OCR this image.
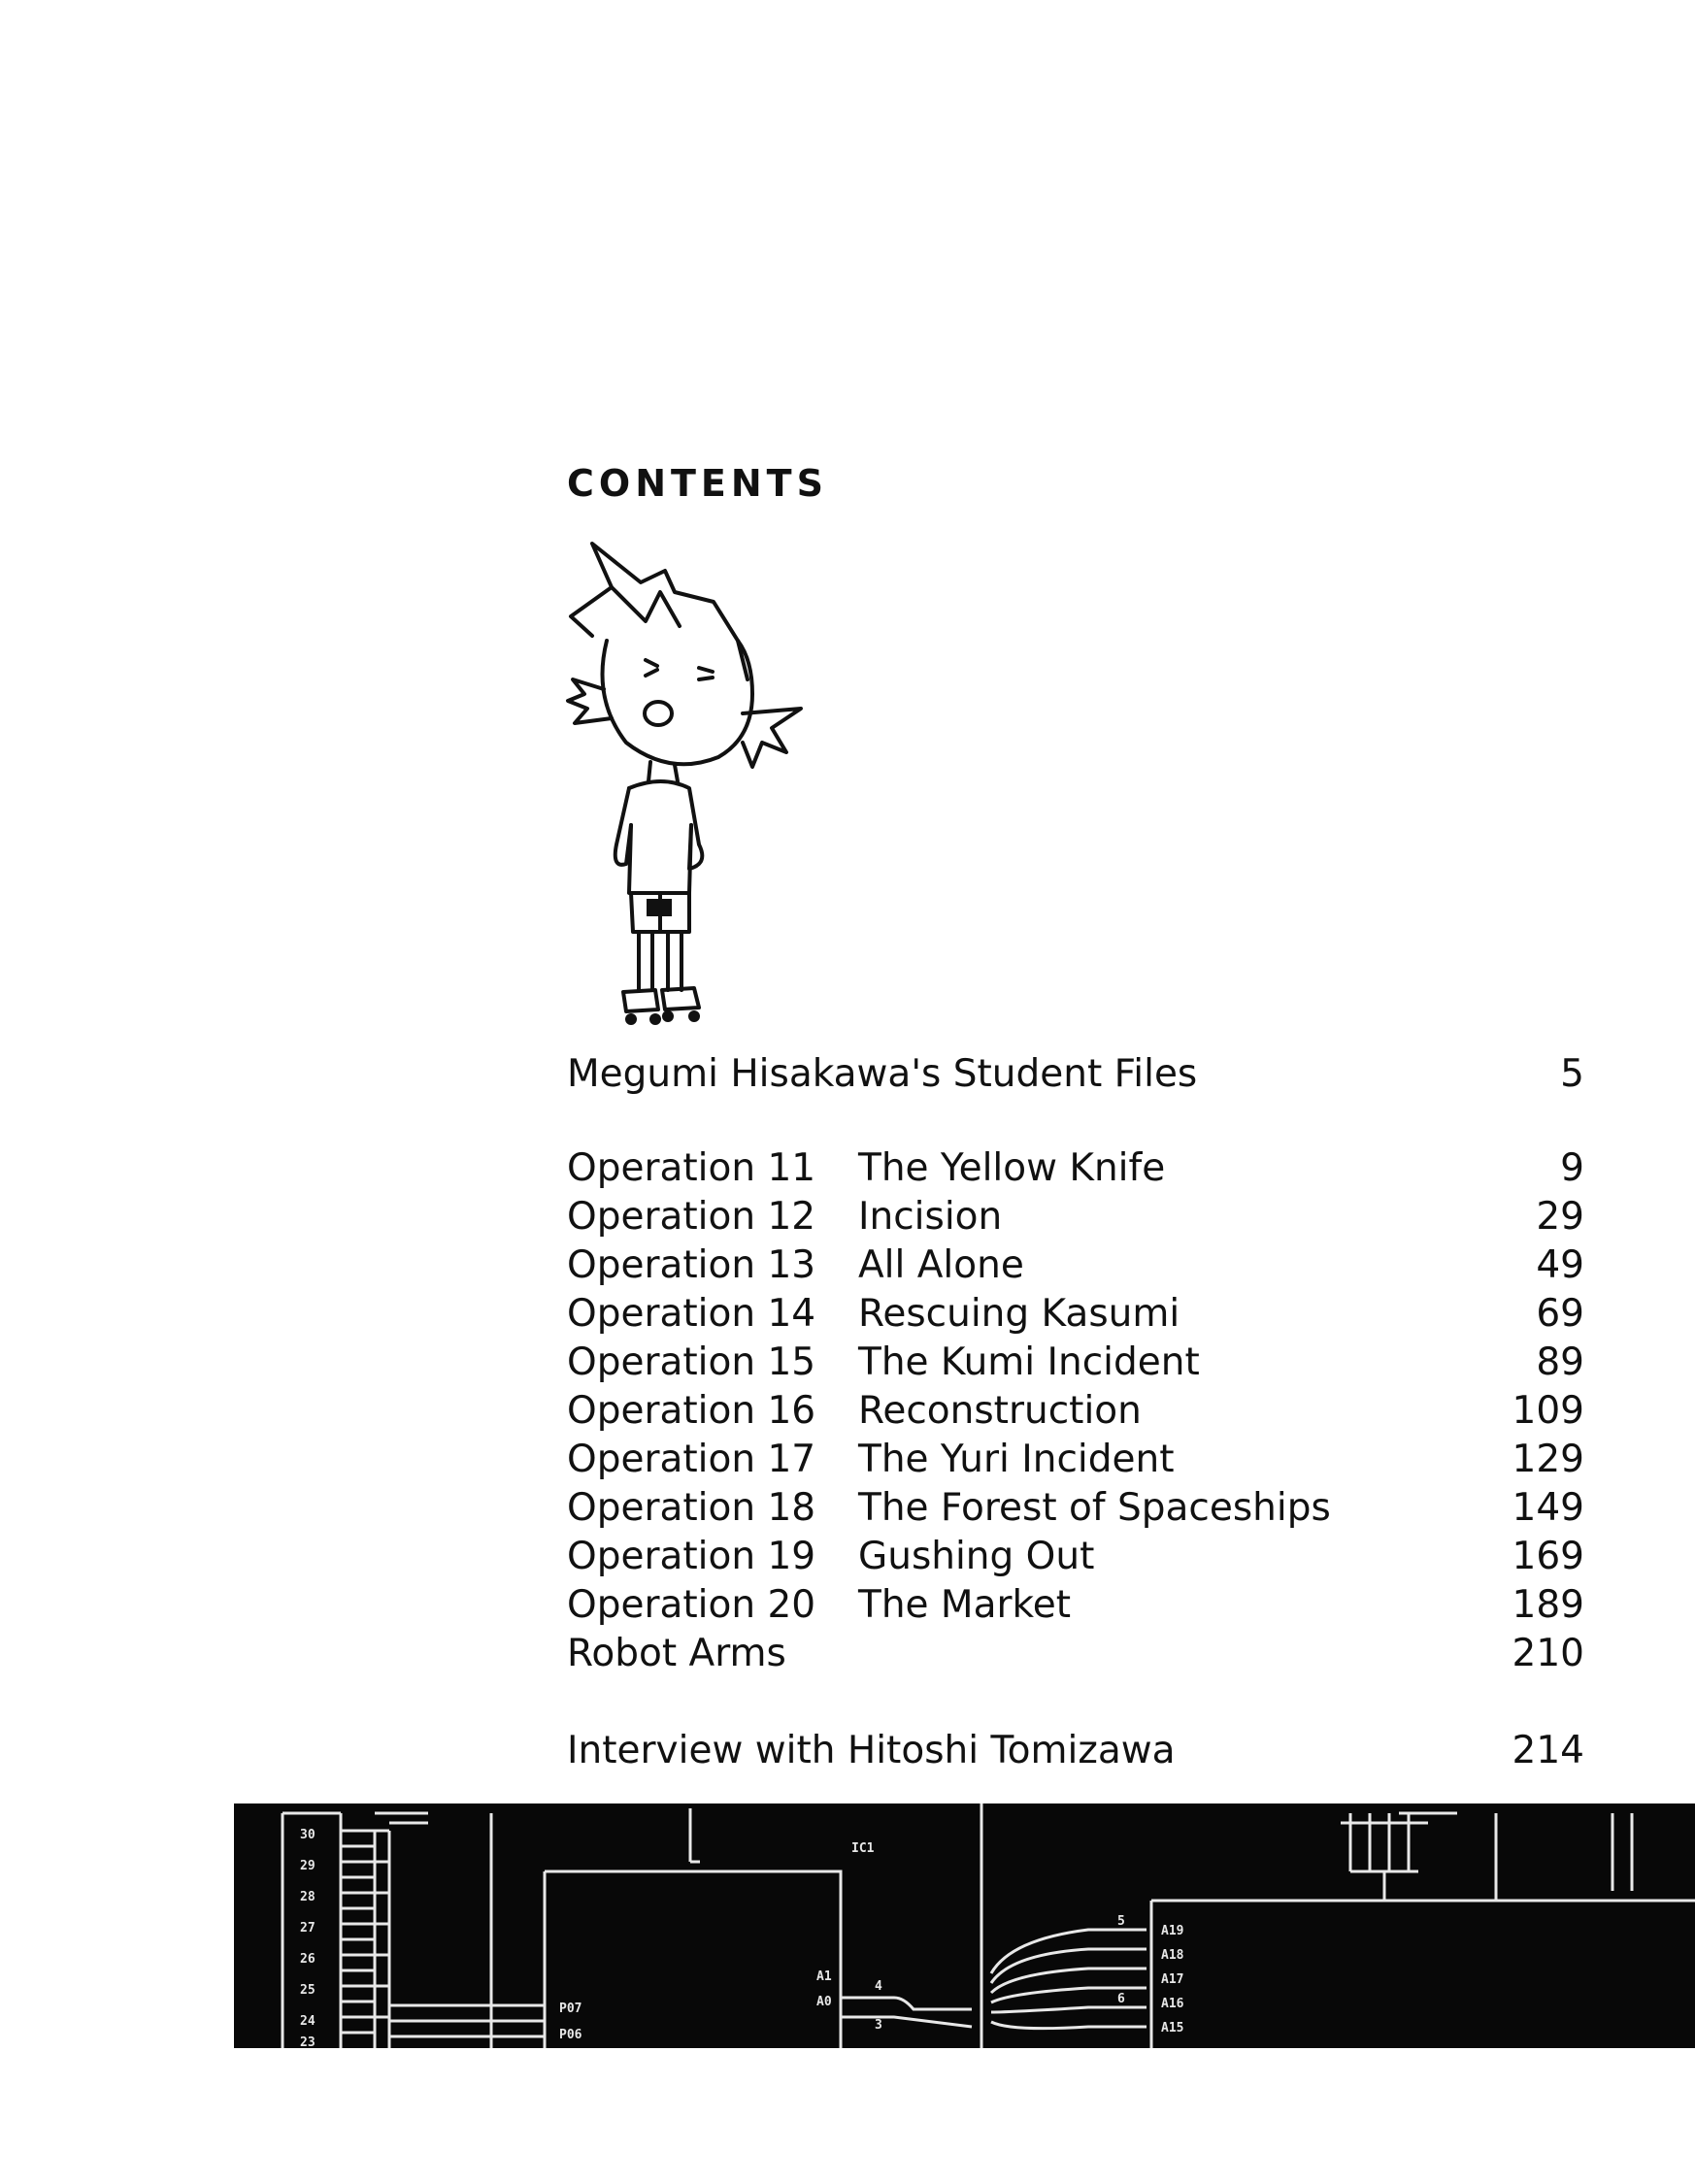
CONTENTS
Megumi Hisakawa's Student Files	5
Operation 11 The Yellow Knife	9
Operation 12 Incision	29
Operation 13 All Alone	49
Operation 14 Rescuing Kasumi	69
Operation 15 The Kumi Incident	89
Operation 16 Reconstruction	109
Operation 17 The Yuri Incident	129
Operation 18 The Forest of Spaceships	149
Operation 19 Gushing Out	169
Operation 20 The Market	189
Robot Arms	210
Interview with Hitoshi Tomizawa	214
30
29
28
27
26
25
24
23
IC1
P07
P06
A1
A0
A19
A18
A17
A16
A15
5
6
4
3
